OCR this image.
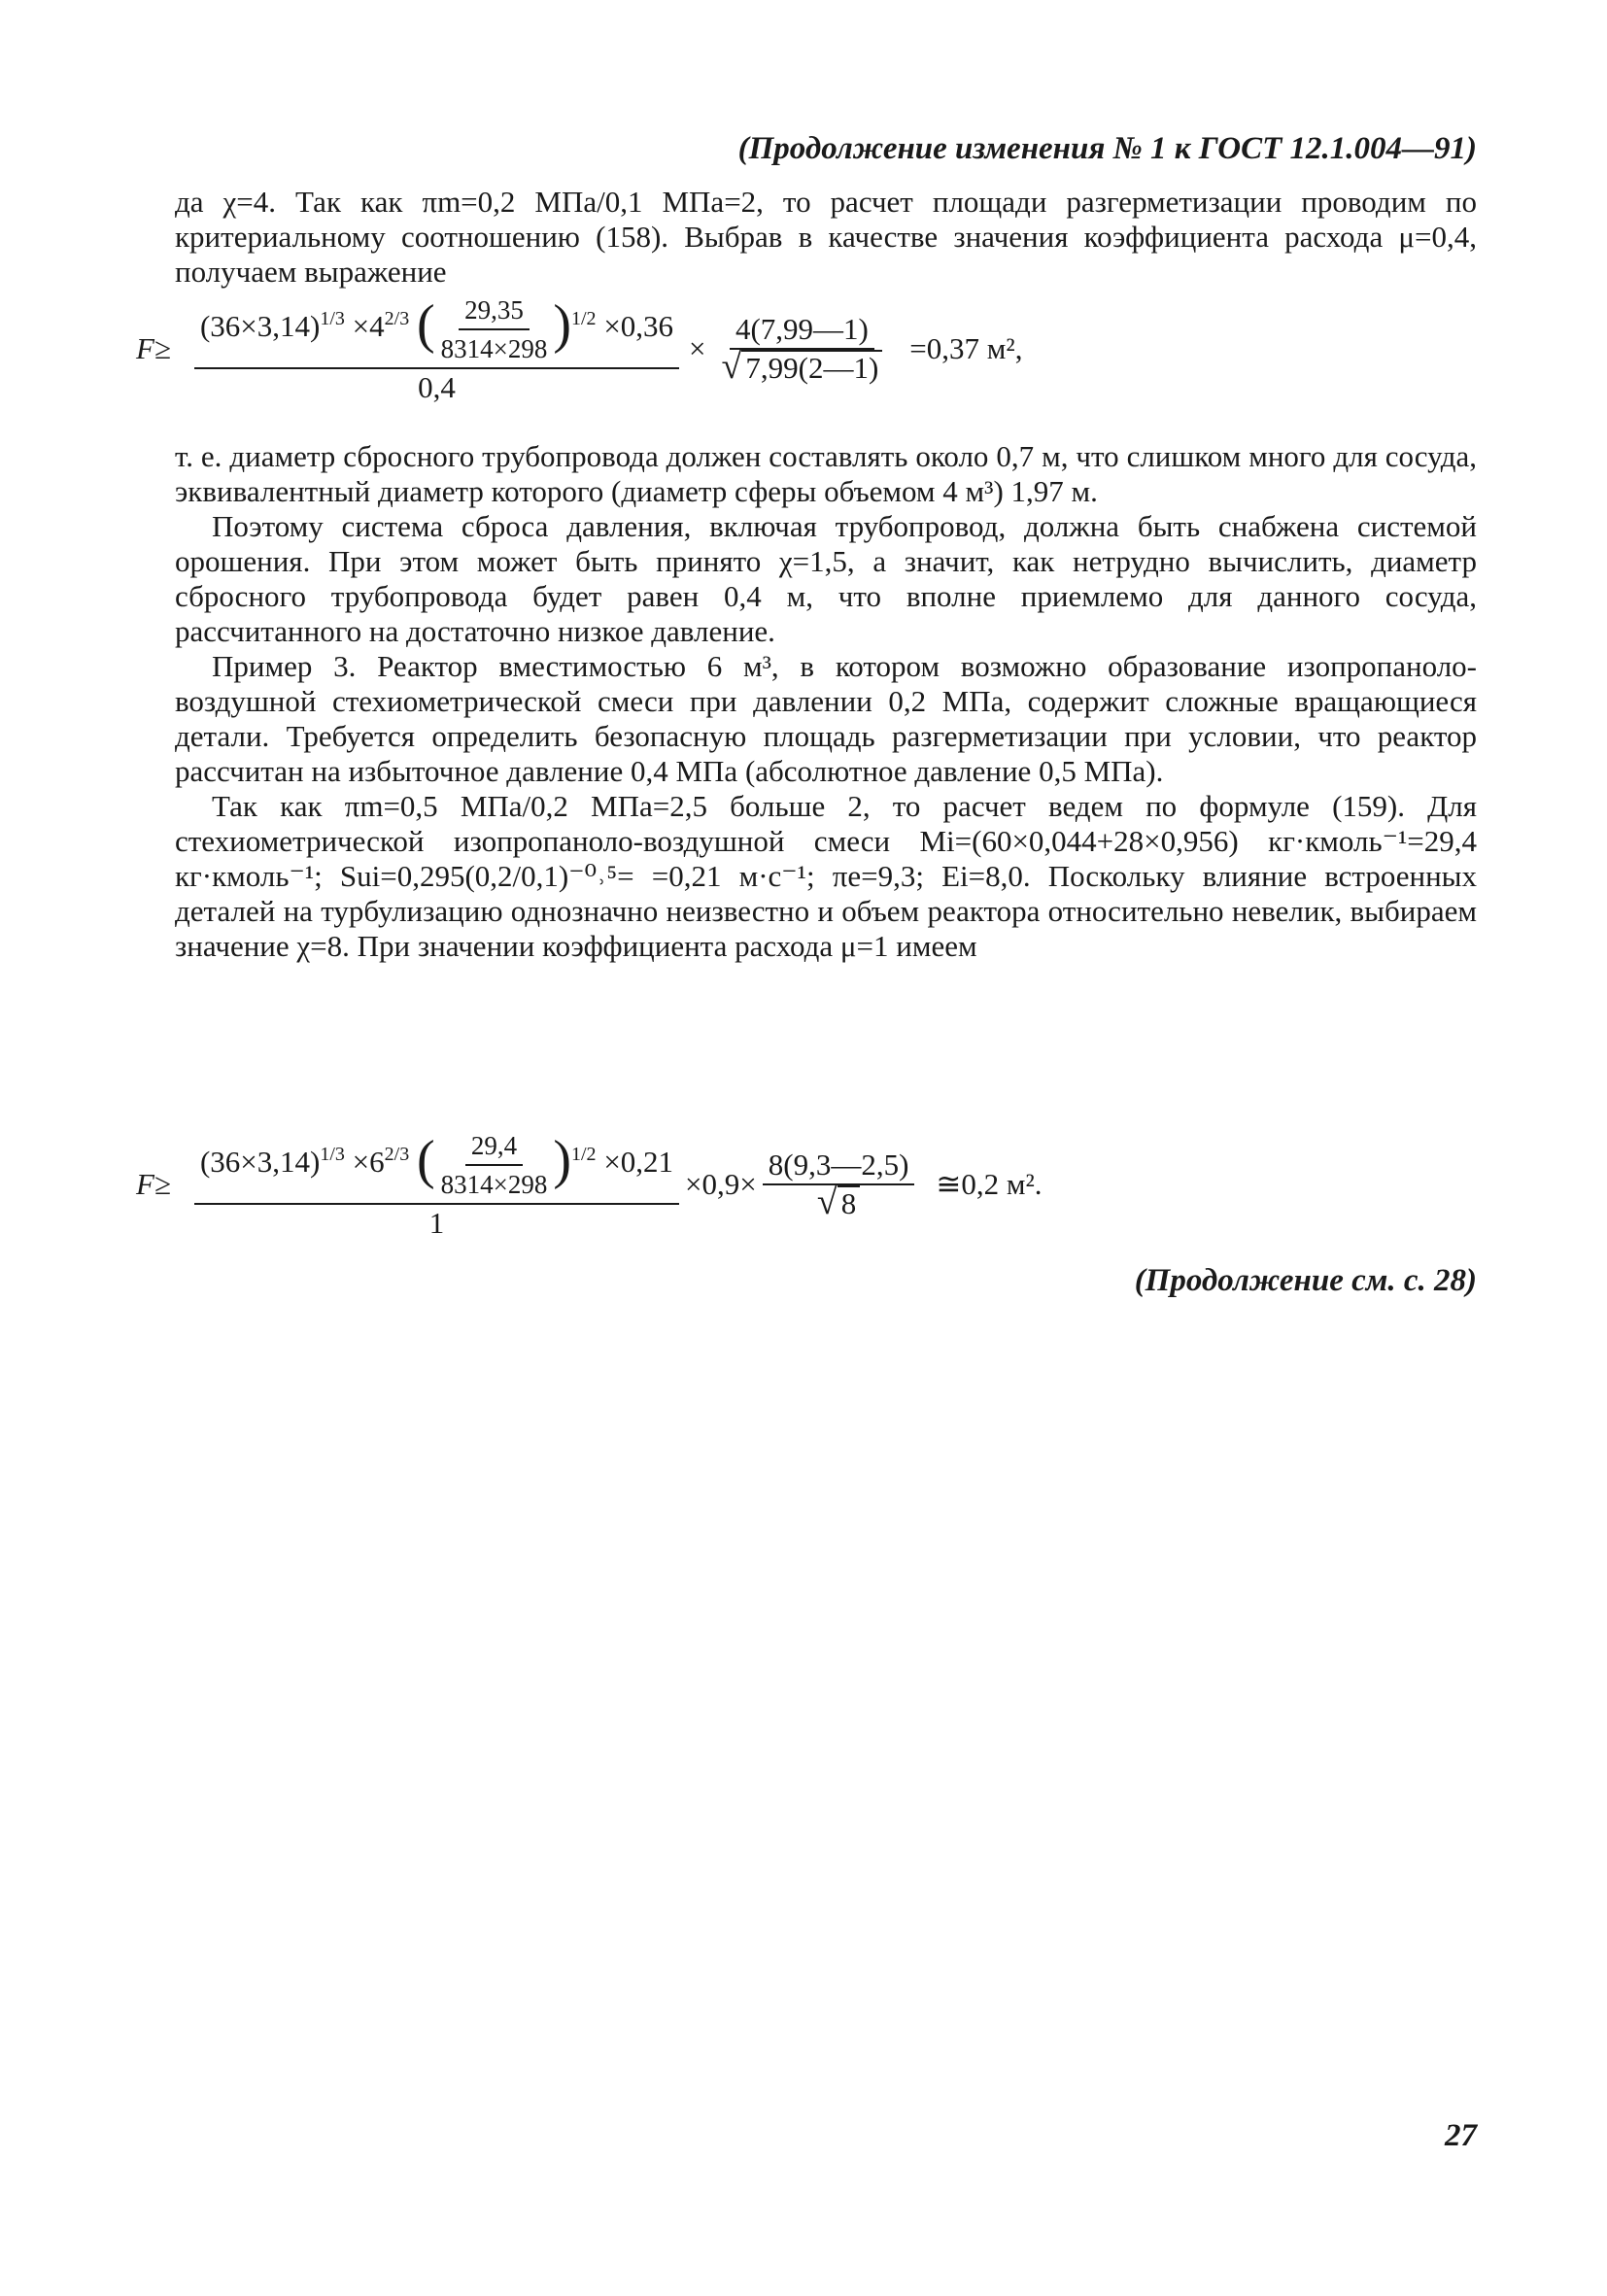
(Продолжение изменения № 1 к ГОСТ 12.1.004—91)

да χ=4. Так как πm=0,2 МПа/0,1 МПа=2, то расчет площади разгерметизации проводим по критериальному соотношению (158). Выбрав в качестве значения коэффициента расхода μ=0,4, получаем выражение

F≥
$(36\times 3,14)^{1/3} \times 4^{2/3}$ ( $\frac{29,35}{8314\times 298} )^{1/2} \times 0,36$
0,4
× $\frac{4(7,99—1)}{√ 7,99(2—1)} =0,37$ м²,

т. е. диаметр сбросного трубопровода должен составлять около 0,7 м, что слишком много для сосуда, эквивалентный диаметр которого (диаметр сферы объемом 4 м³) 1,97 м.

Поэтому система сброса давления, включая трубопровод, должна быть снабжена системой орошения. При этом может быть принято χ=1,5, а значит, как нетрудно вычислить, диаметр сбросного трубопровода будет равен 0,4 м, что вполне приемлемо для данного сосуда, рассчитанного на достаточно низкое давление.

Пример 3. Реактор вместимостью 6 м³, в котором возможно образование изопропаноло-воздушной стехиометрической смеси при давлении 0,2 МПа, содержит сложные вращающиеся детали. Требуется определить безопасную площадь разгерметизации при условии, что реактор рассчитан на избыточное давление 0,4 МПа (абсолютное давление 0,5 МПа).

Так как πm=0,5 МПа/0,2 МПа=2,5 больше 2, то расчет ведем по формуле (159). Для стехиометрической изопропаноло-воздушной смеси Mi=(60×0,044+28×0,956) кг·кмоль⁻¹=29,4 кг·кмоль⁻¹; Sui=0,295(0,2/0,1)⁻⁰˒⁵= =0,21 м·с⁻¹; πe=9,3; Ei=8,0. Поскольку влияние встроенных деталей на турбулизацию однозначно неизвестно и объем реактора относительно невелик, выбираем значение χ=8. При значении коэффициента расхода μ=1 имеем

F≥
$(36\times 3,14)^{1/3} \times 6^{2/3}$ ( $\frac{29,4}{8314\times 298} )^{1/2} \times 0,21$
1
$\times 0,9\times \frac{8(9,3—2,5)}{√ 8}$ ≅0,2 м².
(Продолжение см. с. 28)
27
